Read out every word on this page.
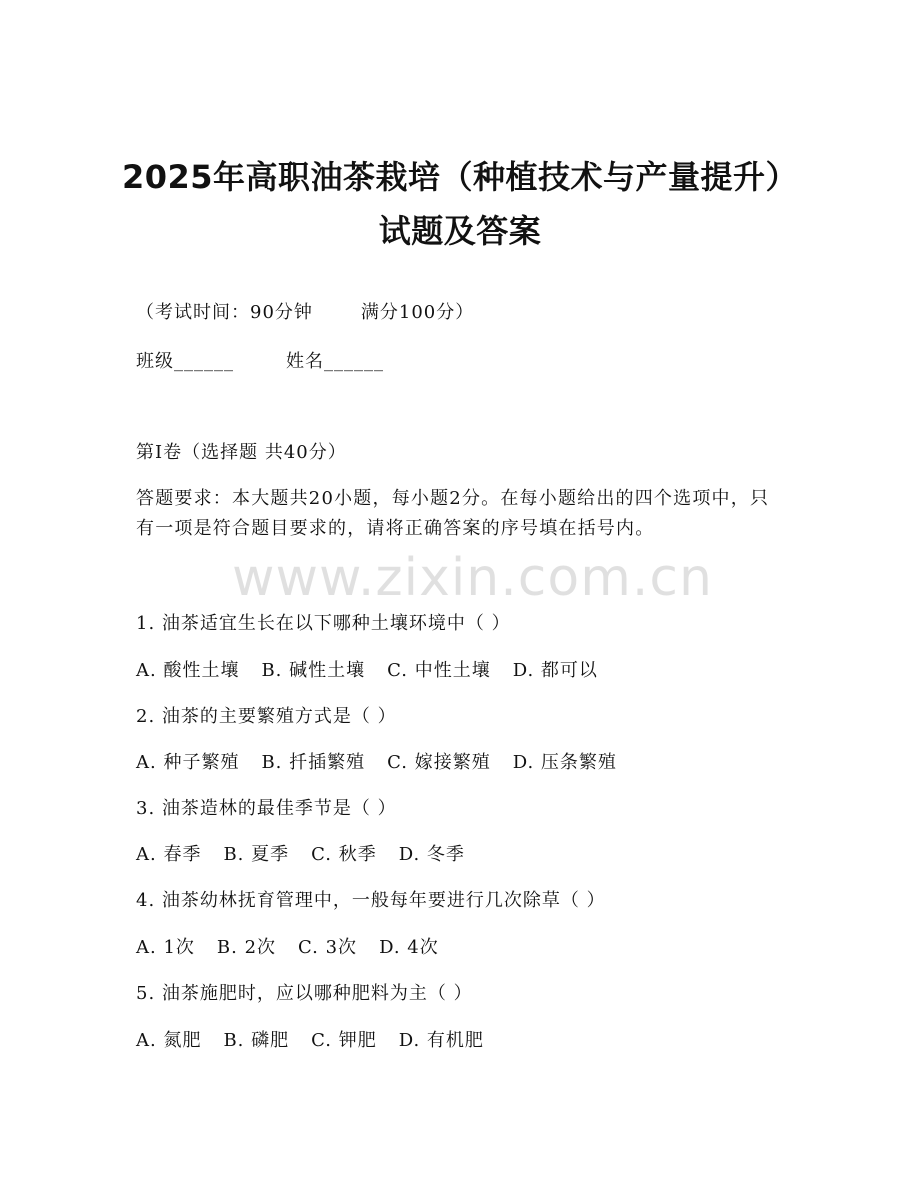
2025年高职油茶栽培（种植技术与产量提升）试题及答案
（考试时间：90分钟	满分100分）
班级______	姓名______
第Ⅰ卷（选择题 共40分）
答题要求：本大题共20小题，每小题2分。在每小题给出的四个选项中，只有一项是符合题目要求的，请将正确答案的序号填在括号内。
www.zixin.com.cn
1. 油茶适宜生长在以下哪种土壤环境中（ ）
A. 酸性土壤 B. 碱性土壤 C. 中性土壤 D. 都可以
2. 油茶的主要繁殖方式是（ ）
A. 种子繁殖 B. 扦插繁殖 C. 嫁接繁殖 D. 压条繁殖
3. 油茶造林的最佳季节是（ ）
A. 春季 B. 夏季 C. 秋季 D. 冬季
4. 油茶幼林抚育管理中，一般每年要进行几次除草（ ）
A. 1次 B. 2次 C. 3次 D. 4次
5. 油茶施肥时，应以哪种肥料为主（ ）
A. 氮肥 B. 磷肥 C. 钾肥 D. 有机肥
